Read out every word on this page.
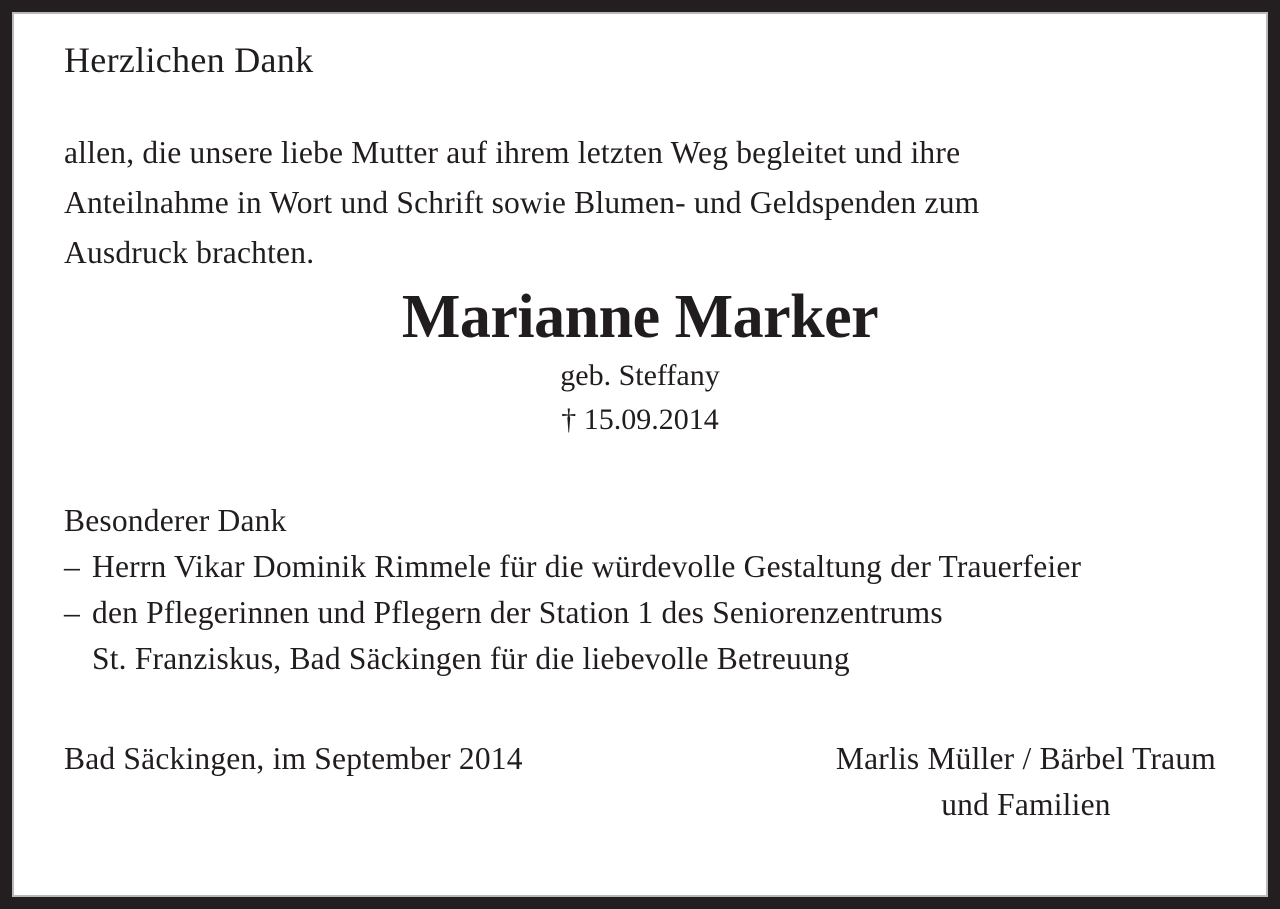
Herzlichen Dank
allen, die unsere liebe Mutter auf ihrem letzten Weg begleitet und ihre
Anteilnahme in Wort und Schrift sowie Blumen- und Geldspenden zum
Ausdruck brachten.
Marianne Marker
geb. Steffany
† 15.09.2014
Besonderer Dank
– Herrn Vikar Dominik Rimmele für die würdevolle Gestaltung der Trauerfeier
– den Pflegerinnen und Pflegern der Station 1 des Seniorenzentrums
St. Franziskus, Bad Säckingen für die liebevolle Betreuung
Bad Säckingen, im September 2014	Marlis Müller / Bärbel Traum
und Familien
